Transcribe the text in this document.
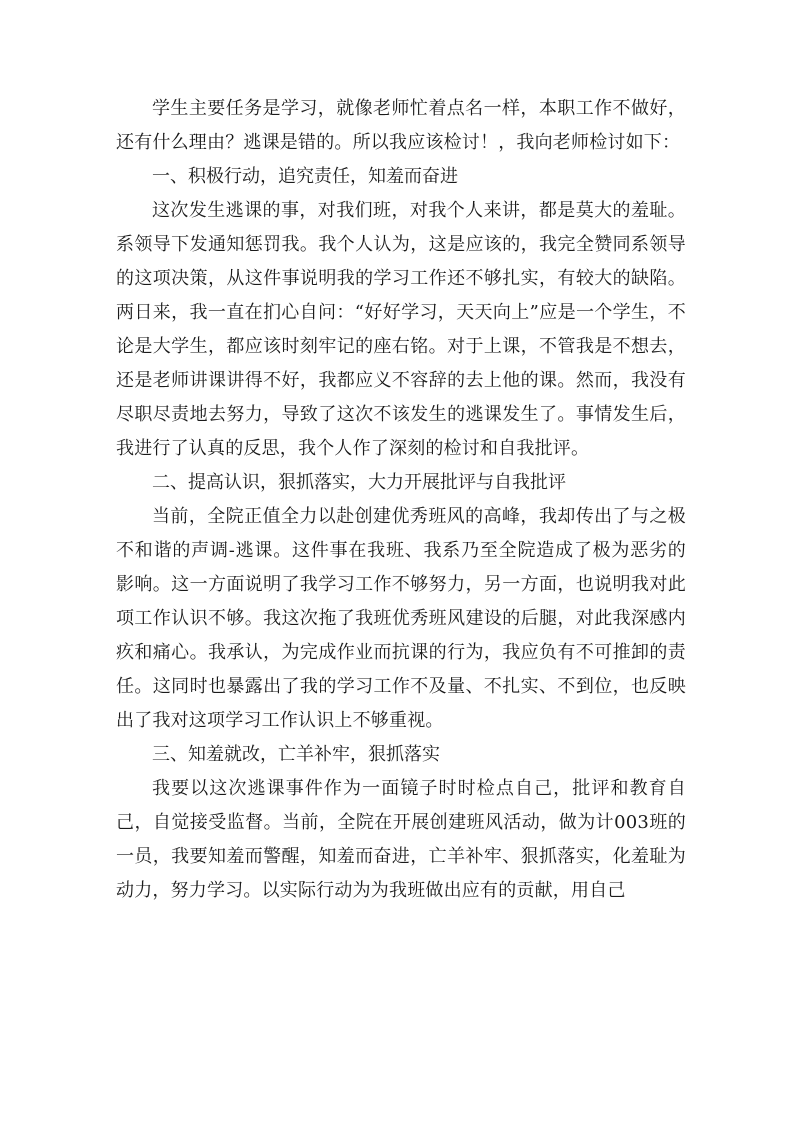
学生主要任务是学习，就像老师忙着点名一样，本职工作不做好，还有什么理由？逃课是错的。所以我应该检讨！，我向老师检讨如下：

一、积极行动，追究责任，知羞而奋进

这次发生逃课的事，对我们班，对我个人来讲，都是莫大的羞耻。系领导下发通知惩罚我。我个人认为，这是应该的，我完全赞同系领导的这项决策，从这件事说明我的学习工作还不够扎实，有较大的缺陷。两日来，我一直在扪心自问：“好好学习，天天向上”应是一个学生，不论是大学生，都应该时刻牢记的座右铭。对于上课，不管我是不想去，还是老师讲课讲得不好，我都应义不容辞的去上他的课。然而，我没有尽职尽责地去努力，导致了这次不该发生的逃课发生了。事情发生后，我进行了认真的反思，我个人作了深刻的检讨和自我批评。

二、提高认识，狠抓落实，大力开展批评与自我批评

当前，全院正值全力以赴创建优秀班风的高峰，我却传出了与之极不和谐的声调-逃课。这件事在我班、我系乃至全院造成了极为恶劣的影响。这一方面说明了我学习工作不够努力，另一方面，也说明我对此项工作认识不够。我这次拖了我班优秀班风建设的后腿，对此我深感内疚和痛心。我承认，为完成作业而抗课的行为，我应负有不可推卸的责任。这同时也暴露出了我的学习工作不及量、不扎实、不到位，也反映出了我对这项学习工作认识上不够重视。

三、知羞就改，亡羊补牢，狠抓落实

我要以这次逃课事件作为一面镜子时时检点自己，批评和教育自己，自觉接受监督。当前，全院在开展创建班风活动，做为计003班的一员，我要知羞而警醒，知羞而奋进，亡羊补牢、狠抓落实，化羞耻为动力，努力学习。以实际行动为为我班做出应有的贡献，用自己
